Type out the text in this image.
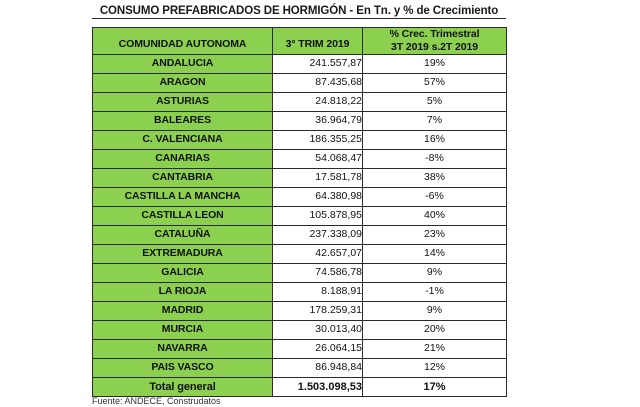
CONSUMO PREFABRICADOS DE HORMIGÓN - En Tn. y % de Crecimiento
COMUNIDAD AUTONOMA	3° TRIM 2019	% Crec. Trimestral
3T 2019 s.2T 2019
ANDALUCIA	241.557,87	19%
ARAGON	87.435,68	57%
ASTURIAS	24.818,22	5%
BALEARES	36.964,79	7%
C. VALENCIANA	186.355,25	16%
CANARIAS	54.068,47	-8%
CANTABRIA	17.581,78	38%
CASTILLA LA MANCHA	64.380,98	-6%
CASTILLA LEON	105.878,95	40%
CATALUÑA	237.338,09	23%
EXTREMADURA	42.657,07	14%
GALICIA	74.586,78	9%
LA RIOJA	8.188,91	-1%
MADRID	178.259,31	9%
MURCIA	30.013,40	20%
NAVARRA	26.064,15	21%
PAIS VASCO	86.948,84	12%
Total general	1.503.098,53	17%
Fuente: ANDECE, Construdatos
